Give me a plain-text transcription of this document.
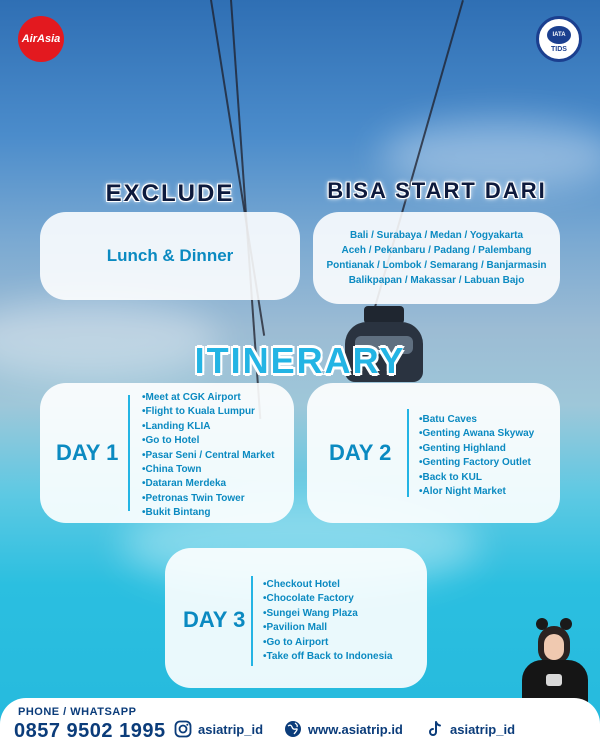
AirAsia	IATA
TIDS
EXCLUDE
Lunch & Dinner
BISA START DARI
Bali / Surabaya / Medan / Yogyakarta
Aceh / Pekanbaru / Padang / Palembang
Pontianak / Lombok / Semarang / Banjarmasin
Balikpapan / Makassar / Labuan Bajo
ITINERARY
DAY 1
• Meet at CGK Airport
• Flight to Kuala Lumpur
• Landing KLIA
• Go to Hotel
• Pasar Seni / Central Market
• China Town
• Dataran Merdeka
• Petronas Twin Tower
• Bukit Bintang
DAY 2
• Batu Caves
• Genting Awana Skyway
• Genting Highland
• Genting Factory Outlet
• Back to KUL
• Alor Night Market
DAY 3
• Checkout Hotel
• Chocolate Factory
• Sungei Wang Plaza
• Pavilion Mall
• Go to Airport
• Take off Back to Indonesia
PHONE / WHATSAPP
0857 9502 1995 asiatrip_id	www.asiatrip.id	asiatrip_id
